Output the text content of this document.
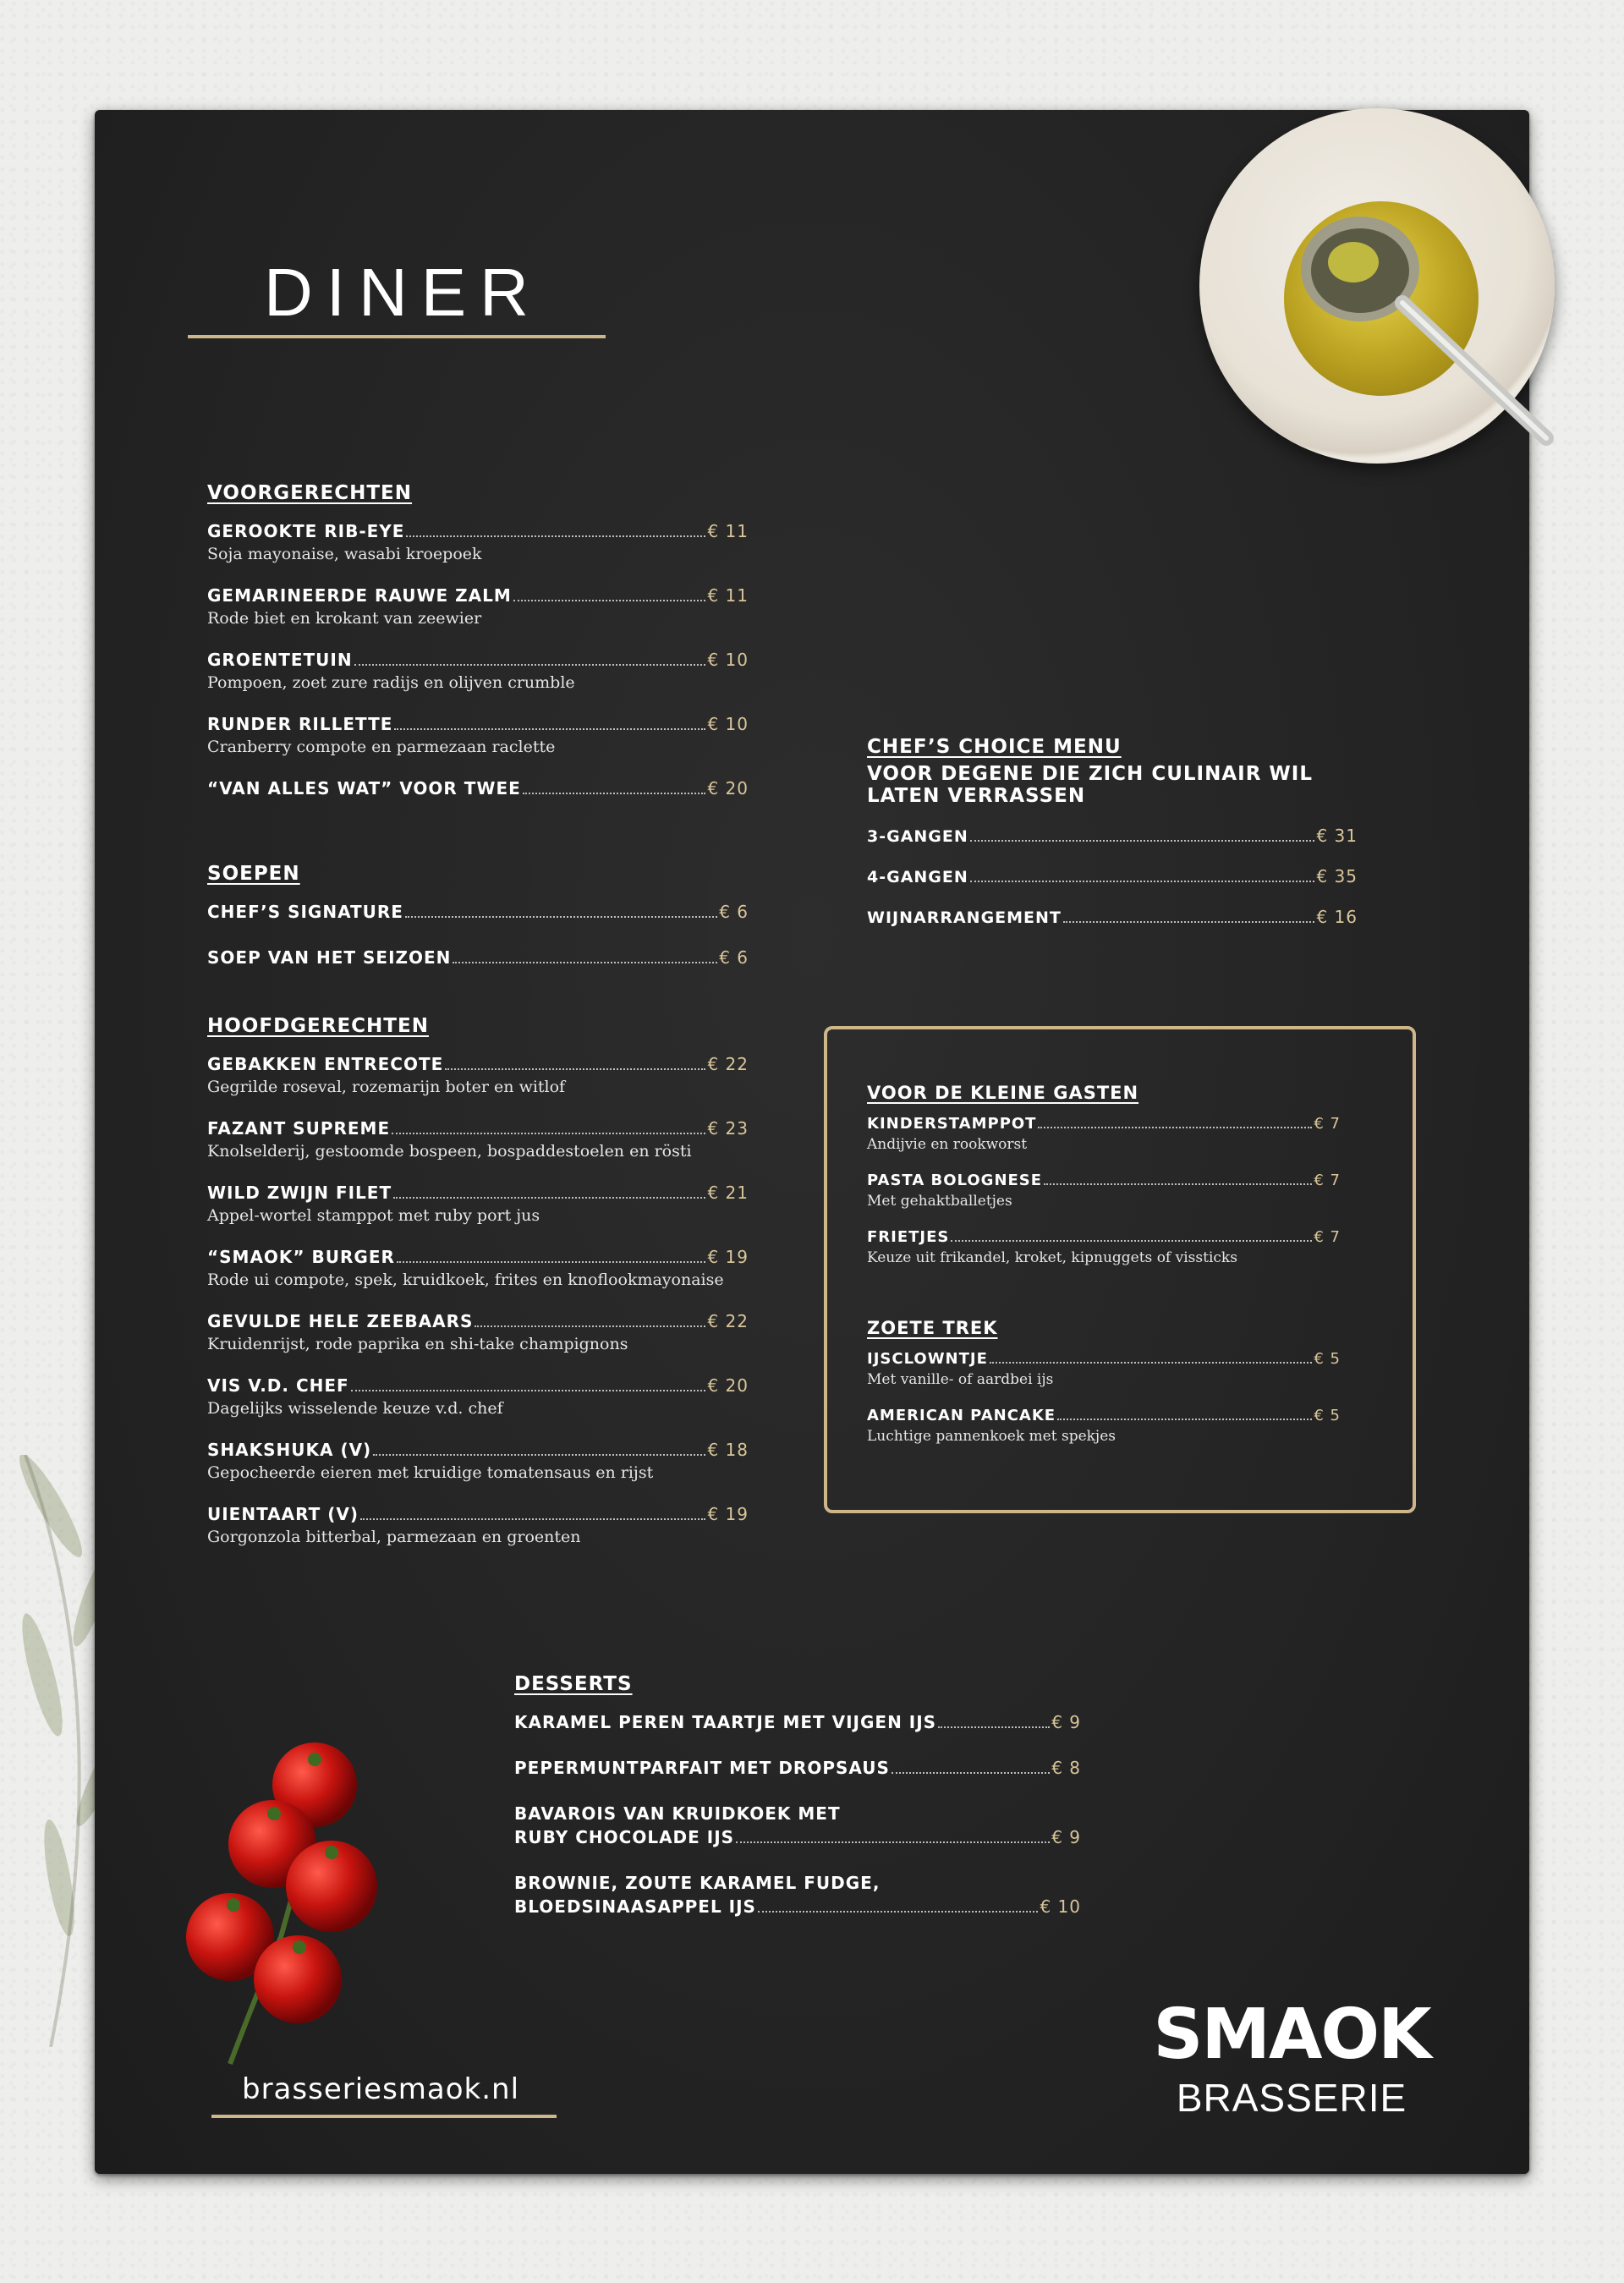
DINER
VOORGERECHTEN
GEROOKTE RIB-EYE	€ 11
Soja mayonaise, wasabi kroepoek
GEMARINEERDE RAUWE ZALM	€ 11
Rode biet en krokant van zeewier
GROENTETUIN	€ 10
Pompoen, zoet zure radijs en olijven crumble
RUNDER RILLETTE	€ 10
Cranberry compote en parmezaan raclette
“VAN ALLES WAT” VOOR TWEE	€ 20
SOEPEN
CHEF’S SIGNATURE	€ 6
SOEP VAN HET SEIZOEN	€ 6
HOOFDGERECHTEN
GEBAKKEN ENTRECOTE	€ 22
Gegrilde roseval, rozemarijn boter en witlof
FAZANT SUPREME	€ 23
Knolselderij, gestoomde bospeen, bospaddestoelen en rösti
WILD ZWIJN FILET	€ 21
Appel-wortel stamppot met ruby port jus
“SMAOK” BURGER	€ 19
Rode ui compote, spek, kruidkoek, frites en knoflookmayonaise
GEVULDE HELE ZEEBAARS	€ 22
Kruidenrijst, rode paprika en shi-take champignons
VIS V.D. CHEF	€ 20
Dagelijks wisselende keuze v.d. chef
SHAKSHUKA (V)	€ 18
Gepocheerde eieren met kruidige tomatensaus en rijst
UIENTAART (V)	€ 19
Gorgonzola bitterbal, parmezaan en groenten
CHEF’S CHOICE MENU
VOOR DEGENE DIE ZICH CULINAIR WIL LATEN VERRASSEN
3-GANGEN	€ 31
4-GANGEN	€ 35
WIJNARRANGEMENT	€ 16
VOOR DE KLEINE GASTEN
KINDERSTAMPPOT	€ 7
Andijvie en rookworst
PASTA BOLOGNESE	€ 7
Met gehaktballetjes
FRIETJES	€ 7
Keuze uit frikandel, kroket, kipnuggets of vissticks
ZOETE TREK
IJSCLOWNTJE	€ 5
Met vanille- of aardbei ijs
AMERICAN PANCAKE	€ 5
Luchtige pannenkoek met spekjes
DESSERTS
KARAMEL PEREN TAARTJE MET VIJGEN IJS	€ 9
PEPERMUNTPARFAIT MET DROPSAUS	€ 8
BAVAROIS VAN KRUIDKOEK MET
RUBY CHOCOLADE IJS	€ 9
BROWNIE, ZOUTE KARAMEL FUDGE,
BLOEDSINAASAPPEL IJS	€ 10
brasseriesmaok.nl
SMAOK
BRASSERIE
